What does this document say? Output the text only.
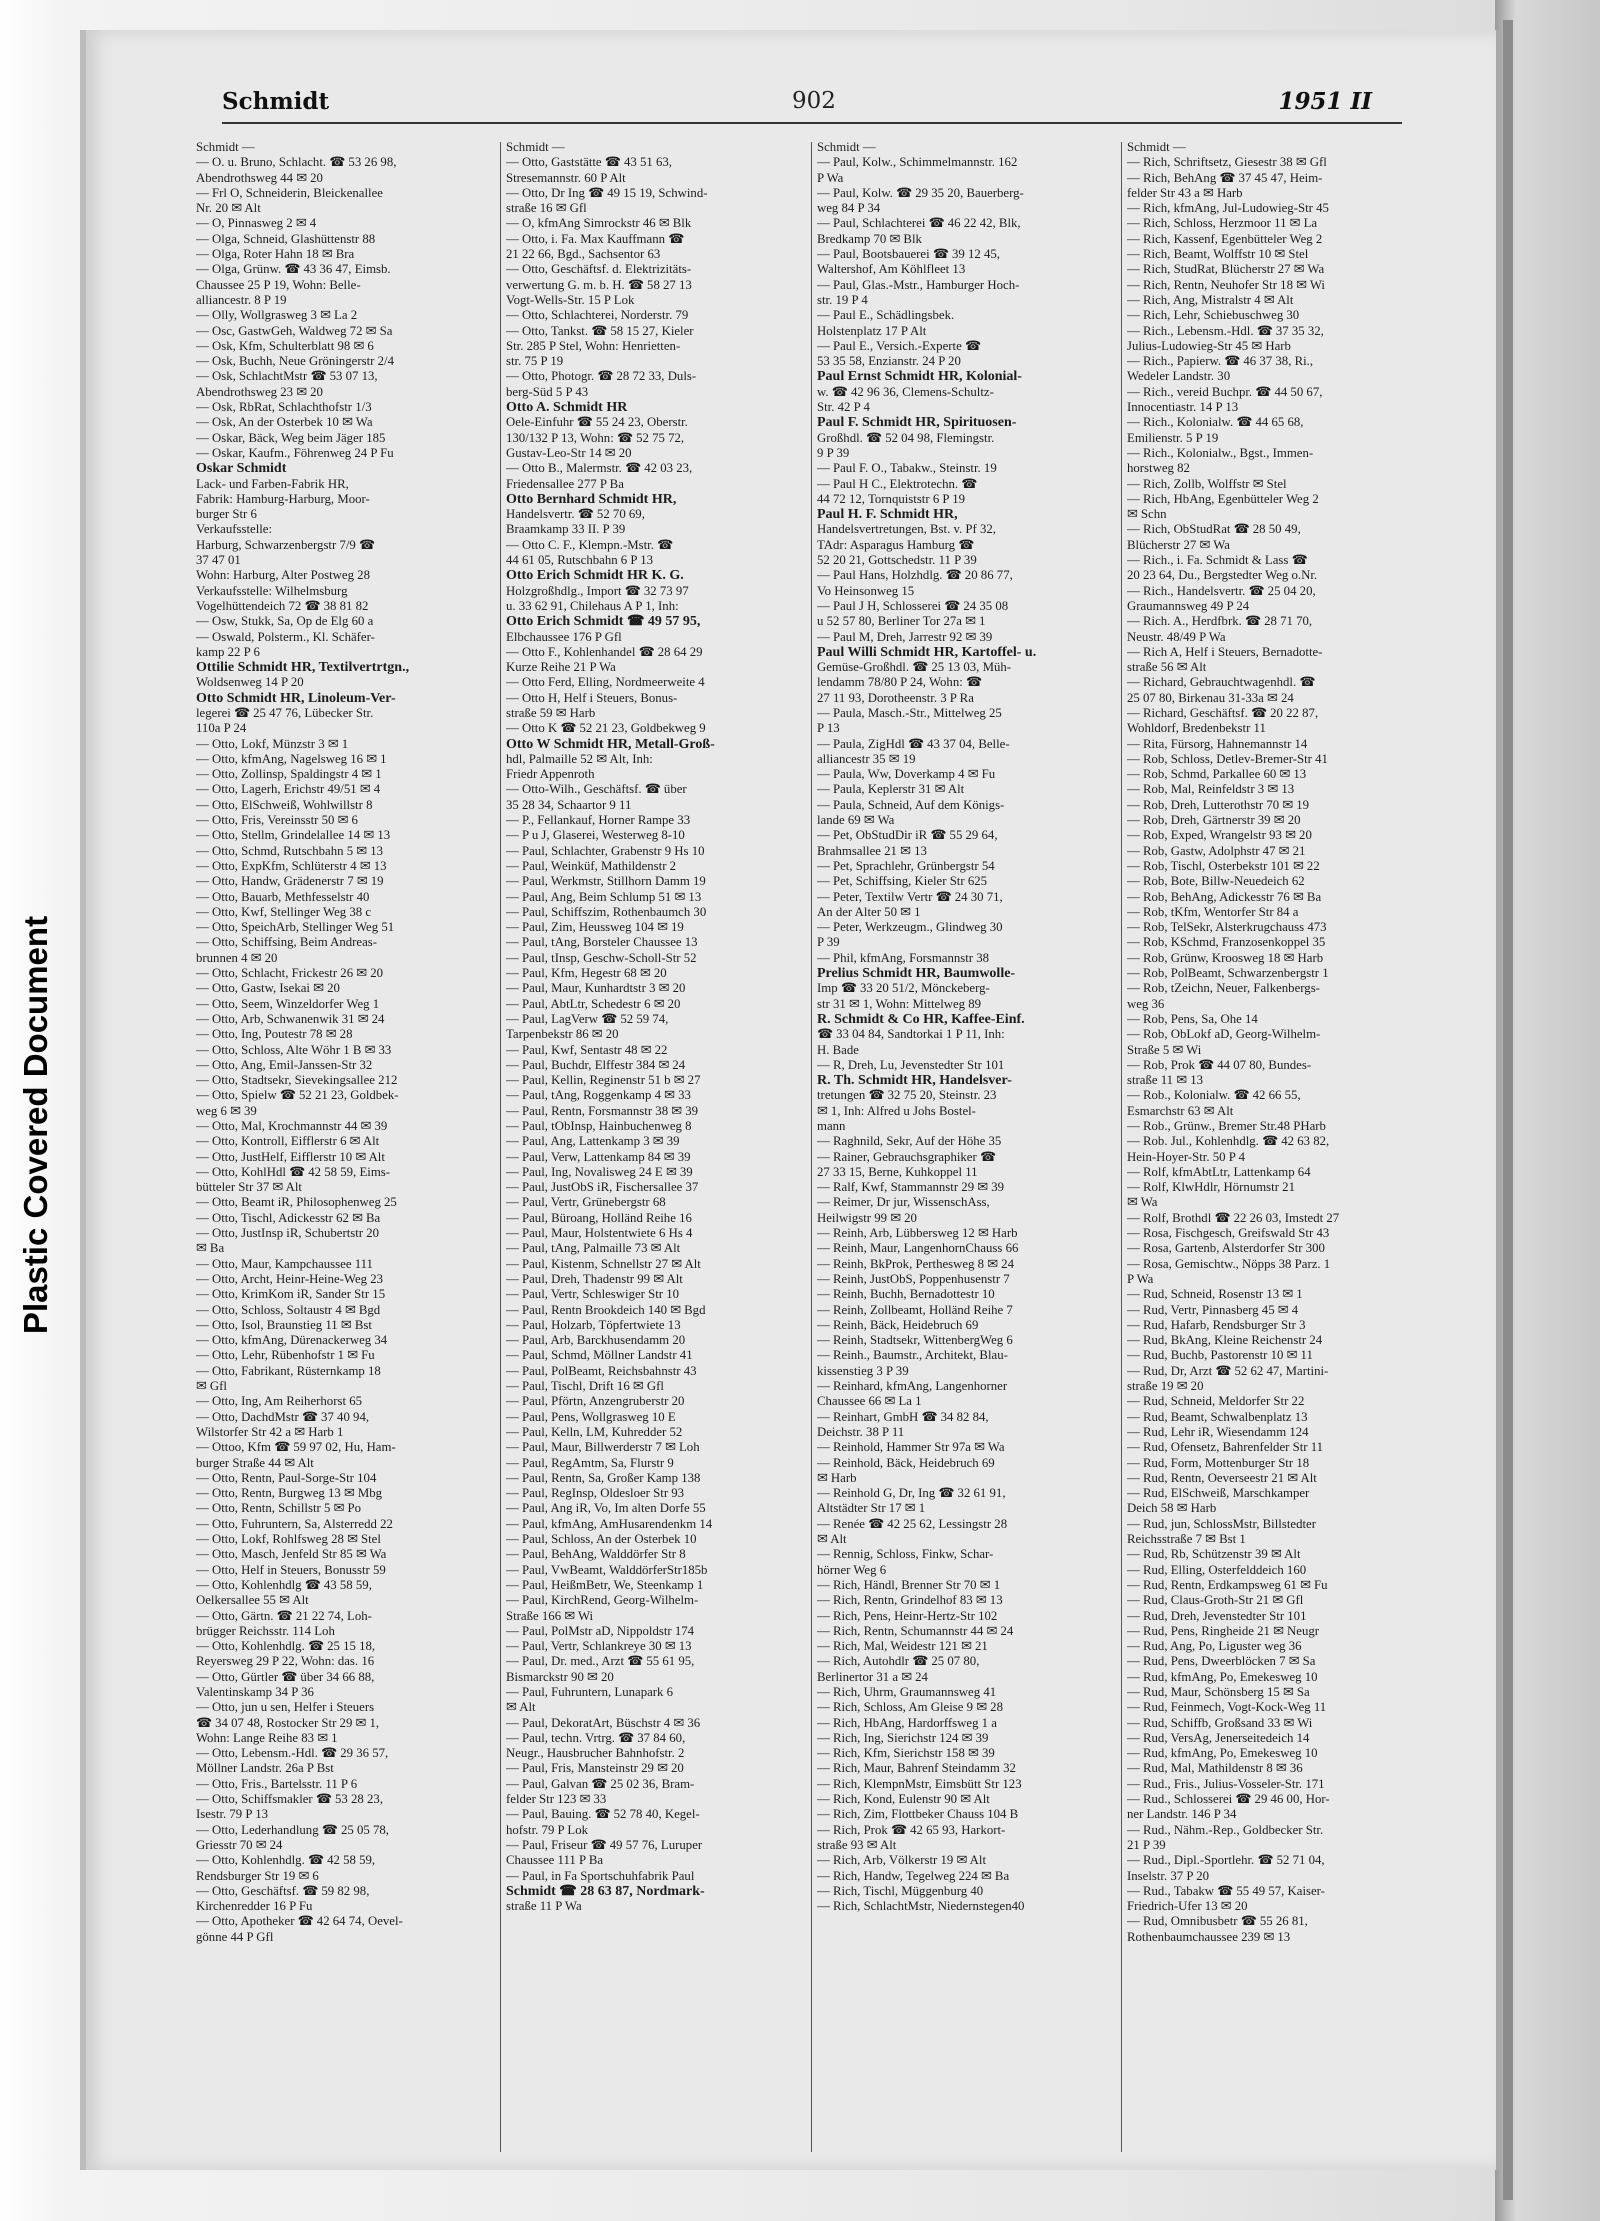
Plastic Covered Document
Schmidt	902	1951 II
Schmidt —
— O. u. Bruno, Schlacht. ☎ 53 26 98,
Abendrothsweg 44 ✉ 20
— Frl O, Schneiderin, Bleickenallee
Nr. 20 ✉ Alt
— O, Pinnasweg 2 ✉ 4
— Olga, Schneid, Glashüttenstr 88
— Olga, Roter Hahn 18 ✉ Bra
— Olga, Grünw. ☎ 43 36 47, Eimsb.
Chaussee 25 P 19, Wohn: Belle-
alliancestr. 8 P 19
— Olly, Wollgrasweg 3 ✉ La 2
— Osc, GastwGeh, Waldweg 72 ✉ Sa
— Osk, Kfm, Schulterblatt 98 ✉ 6
— Osk, Buchh, Neue Gröningerstr 2/4
— Osk, SchlachtMstr ☎ 53 07 13,
Abendrothsweg 23 ✉ 20
— Osk, RbRat, Schlachthofstr 1/3
— Osk, An der Osterbek 10 ✉ Wa
— Oskar, Bäck, Weg beim Jäger 185
— Oskar, Kaufm., Föhrenweg 24 P Fu
Oskar Schmidt
Lack- und Farben-Fabrik HR,
Fabrik: Hamburg-Harburg, Moor-
burger Str 6
Verkaufsstelle:
Harburg, Schwarzenbergstr 7/9 ☎
37 47 01
Wohn: Harburg, Alter Postweg 28
Verkaufsstelle: Wilhelmsburg
Vogelhüttendeich 72 ☎ 38 81 82
— Osw, Stukk, Sa, Op de Elg 60 a
— Oswald, Polsterm., Kl. Schäfer-
kamp 22 P 6
Ottilie Schmidt HR, Textilvertrtgn.,
Woldsenweg 14 P 20
Otto Schmidt HR, Linoleum-Ver-
legerei ☎ 25 47 76, Lübecker Str.
110a P 24
— Otto, Lokf, Münzstr 3 ✉ 1
— Otto, kfmAng, Nagelsweg 16 ✉ 1
— Otto, Zollinsp, Spaldingstr 4 ✉ 1
— Otto, Lagerh, Erichstr 49/51 ✉ 4
— Otto, ElSchweiß, Wohlwillstr 8
— Otto, Fris, Vereinsstr 50 ✉ 6
— Otto, Stellm, Grindelallee 14 ✉ 13
— Otto, Schmd, Rutschbahn 5 ✉ 13
— Otto, ExpKfm, Schlüterstr 4 ✉ 13
— Otto, Handw, Grädenerstr 7 ✉ 19
— Otto, Bauarb, Methfesselstr 40
— Otto, Kwf, Stellinger Weg 38 c
— Otto, SpeichArb, Stellinger Weg 51
— Otto, Schiffsing, Beim Andreas-
brunnen 4 ✉ 20
— Otto, Schlacht, Frickestr 26 ✉ 20
— Otto, Gastw, Isekai ✉ 20
— Otto, Seem, Winzeldorfer Weg 1
— Otto, Arb, Schwanenwik 31 ✉ 24
— Otto, Ing, Poutestr 78 ✉ 28
— Otto, Schloss, Alte Wöhr 1 B ✉ 33
— Otto, Ang, Emil-Janssen-Str 32
— Otto, Stadtsekr, Sievekingsallee 212
— Otto, Spielw ☎ 52 21 23, Goldbek-
weg 6 ✉ 39
— Otto, Mal, Krochmannstr 44 ✉ 39
— Otto, Kontroll, Eifflerstr 6 ✉ Alt
— Otto, JustHelf, Eifflerstr 10 ✉ Alt
— Otto, KohlHdl ☎ 42 58 59, Eims-
bütteler Str 37 ✉ Alt
— Otto, Beamt iR, Philosophenweg 25
— Otto, Tischl, Adickesstr 62 ✉ Ba
— Otto, JustInsp iR, Schubertstr 20
✉ Ba
— Otto, Maur, Kampchaussee 111
— Otto, Archt, Heinr-Heine-Weg 23
— Otto, KrimKom iR, Sander Str 15
— Otto, Schloss, Soltaustr 4 ✉ Bgd
— Otto, Isol, Braunstieg 11 ✉ Bst
— Otto, kfmAng, Dürenackerweg 34
— Otto, Lehr, Rübenhofstr 1 ✉ Fu
— Otto, Fabrikant, Rüsternkamp 18
✉ Gfl
— Otto, Ing, Am Reiherhorst 65
— Otto, DachdMstr ☎ 37 40 94,
Wilstorfer Str 42 a ✉ Harb 1
— Ottoo, Kfm ☎ 59 97 02, Hu, Ham-
burger Straße 44 ✉ Alt
— Otto, Rentn, Paul-Sorge-Str 104
— Otto, Rentn, Burgweg 13 ✉ Mbg
— Otto, Rentn, Schillstr 5 ✉ Po
— Otto, Fuhruntern, Sa, Alsterredd 22
— Otto, Lokf, Rohlfsweg 28 ✉ Stel
— Otto, Masch, Jenfeld Str 85 ✉ Wa
— Otto, Helf in Steuers, Bonusstr 59
— Otto, Kohlenhdlg ☎ 43 58 59,
Oelkersallee 55 ✉ Alt
— Otto, Gärtn. ☎ 21 22 74, Loh-
brügger Reichsstr. 114 Loh
— Otto, Kohlenhdlg. ☎ 25 15 18,
Reyersweg 29 P 22, Wohn: das. 16
— Otto, Gürtler ☎ über 34 66 88,
Valentinskamp 34 P 36
— Otto, jun u sen, Helfer i Steuers
☎ 34 07 48, Rostocker Str 29 ✉ 1,
Wohn: Lange Reihe 83 ✉ 1
— Otto, Lebensm.-Hdl. ☎ 29 36 57,
Möllner Landstr. 26a P Bst
— Otto, Fris., Bartelsstr. 11 P 6
— Otto, Schiffsmakler ☎ 53 28 23,
Isestr. 79 P 13
— Otto, Lederhandlung ☎ 25 05 78,
Griesstr 70 ✉ 24
— Otto, Kohlenhdlg. ☎ 42 58 59,
Rendsburger Str 19 ✉ 6
— Otto, Geschäftsf. ☎ 59 82 98,
Kirchenredder 16 P Fu
— Otto, Apotheker ☎ 42 64 74, Oevel-
gönne 44 P Gfl
Schmidt —
— Otto, Gaststätte ☎ 43 51 63,
Stresemannstr. 60 P Alt
— Otto, Dr Ing ☎ 49 15 19, Schwind-
straße 16 ✉ Gfl
— O, kfmAng Simrockstr 46 ✉ Blk
— Otto, i. Fa. Max Kauffmann ☎
21 22 66, Bgd., Sachsentor 63
— Otto, Geschäftsf. d. Elektrizitäts-
verwertung G. m. b. H. ☎ 58 27 13
Vogt-Wells-Str. 15 P Lok
— Otto, Schlachterei, Norderstr. 79
— Otto, Tankst. ☎ 58 15 27, Kieler
Str. 285 P Stel, Wohn: Henrietten-
str. 75 P 19
— Otto, Photogr. ☎ 28 72 33, Duls-
berg-Süd 5 P 43
Otto A. Schmidt HR
Oele-Einfuhr ☎ 55 24 23, Oberstr.
130/132 P 13, Wohn: ☎ 52 75 72,
Gustav-Leo-Str 14 ✉ 20
— Otto B., Malermstr. ☎ 42 03 23,
Friedensallee 277 P Ba
Otto Bernhard Schmidt HR,
Handelsvertr. ☎ 52 70 69,
Braamkamp 33 II. P 39
— Otto C. F., Klempn.-Mstr. ☎
44 61 05, Rutschbahn 6 P 13
Otto Erich Schmidt HR K. G.
Holzgroßhdlg., Import ☎ 32 73 97
u. 33 62 91, Chilehaus A P 1, Inh:
Otto Erich Schmidt ☎ 49 57 95,
Elbchaussee 176 P Gfl
— Otto F., Kohlenhandel ☎ 28 64 29
Kurze Reihe 21 P Wa
— Otto Ferd, Elling, Nordmeerweite 4
— Otto H, Helf i Steuers, Bonus-
straße 59 ✉ Harb
— Otto K ☎ 52 21 23, Goldbekweg 9
Otto W Schmidt HR, Metall-Groß-
hdl, Palmaille 52 ✉ Alt, Inh:
Friedr Appenroth
— Otto-Wilh., Geschäftsf. ☎ über
35 28 34, Schaartor 9 11
— P., Fellankauf, Horner Rampe 33
— P u J, Glaserei, Westerweg 8-10
— Paul, Schlachter, Grabenstr 9 Hs 10
— Paul, Weinküf, Mathildenstr 2
— Paul, Werkmstr, Stillhorn Damm 19
— Paul, Ang, Beim Schlump 51 ✉ 13
— Paul, Schiffszim, Rothenbaumch 30
— Paul, Zim, Heussweg 104 ✉ 19
— Paul, tAng, Borsteler Chaussee 13
— Paul, tInsp, Geschw-Scholl-Str 52
— Paul, Kfm, Hegestr 68 ✉ 20
— Paul, Maur, Kunhardtstr 3 ✉ 20
— Paul, AbtLtr, Schedestr 6 ✉ 20
— Paul, LagVerw ☎ 52 59 74,
Tarpenbekstr 86 ✉ 20
— Paul, Kwf, Sentastr 48 ✉ 22
— Paul, Buchdr, Elffestr 384 ✉ 24
— Paul, Kellin, Reginenstr 51 b ✉ 27
— Paul, tAng, Roggenkamp 4 ✉ 33
— Paul, Rentn, Forsmannstr 38 ✉ 39
— Paul, tObInsp, Hainbuchenweg 8
— Paul, Ang, Lattenkamp 3 ✉ 39
— Paul, Verw, Lattenkamp 84 ✉ 39
— Paul, Ing, Novalisweg 24 E ✉ 39
— Paul, JustObS iR, Fischersallee 37
— Paul, Vertr, Grünebergstr 68
— Paul, Büroang, Holländ Reihe 16
— Paul, Maur, Holstentwiete 6 Hs 4
— Paul, tAng, Palmaille 73 ✉ Alt
— Paul, Kistenm, Schnellstr 27 ✉ Alt
— Paul, Dreh, Thadenstr 99 ✉ Alt
— Paul, Vertr, Schleswiger Str 10
— Paul, Rentn Brookdeich 140 ✉ Bgd
— Paul, Holzarb, Töpfertwiete 13
— Paul, Arb, Barckhusendamm 20
— Paul, Schmd, Möllner Landstr 41
— Paul, PolBeamt, Reichsbahnstr 43
— Paul, Tischl, Drift 16 ✉ Gfl
— Paul, Pförtn, Anzengruberstr 20
— Paul, Pens, Wollgrasweg 10 E
— Paul, Kelln, LM, Kuhredder 52
— Paul, Maur, Billwerderstr 7 ✉ Loh
— Paul, RegAmtm, Sa, Flurstr 9
— Paul, Rentn, Sa, Großer Kamp 138
— Paul, RegInsp, Oldesloer Str 93
— Paul, Ang iR, Vo, Im alten Dorfe 55
— Paul, kfmAng, AmHusarendenkm 14
— Paul, Schloss, An der Osterbek 10
— Paul, BehAng, Walddörfer Str 8
— Paul, VwBeamt, WalddörferStr185b
— Paul, HeißmBetr, We, Steenkamp 1
— Paul, KirchRend, Georg-Wilhelm-
Straße 166 ✉ Wi
— Paul, PolMstr aD, Nippoldstr 174
— Paul, Vertr, Schlankreye 30 ✉ 13
— Paul, Dr. med., Arzt ☎ 55 61 95,
Bismarckstr 90 ✉ 20
— Paul, Fuhruntern, Lunapark 6
✉ Alt
— Paul, DekoratArt, Büschstr 4 ✉ 36
— Paul, techn. Vrtrg. ☎ 37 84 60,
Neugr., Hausbrucher Bahnhofstr. 2
— Paul, Fris, Mansteinstr 29 ✉ 20
— Paul, Galvan ☎ 25 02 36, Bram-
felder Str 123 ✉ 33
— Paul, Bauing. ☎ 52 78 40, Kegel-
hofstr. 79 P Lok
— Paul, Friseur ☎ 49 57 76, Luruper
Chaussee 111 P Ba
— Paul, in Fa Sportschuhfabrik Paul
Schmidt ☎ 28 63 87, Nordmark-
straße 11 P Wa
Schmidt —
— Paul, Kolw., Schimmelmannstr. 162
P Wa
— Paul, Kolw. ☎ 29 35 20, Bauerberg-
weg 84 P 34
— Paul, Schlachterei ☎ 46 22 42, Blk,
Bredkamp 70 ✉ Blk
— Paul, Bootsbauerei ☎ 39 12 45,
Waltershof, Am Köhlfleet 13
— Paul, Glas.-Mstr., Hamburger Hoch-
str. 19 P 4
— Paul E., Schädlingsbek.
Holstenplatz 17 P Alt
— Paul E., Versich.-Experte ☎
53 35 58, Enzianstr. 24 P 20
Paul Ernst Schmidt HR, Kolonial-
w. ☎ 42 96 36, Clemens-Schultz-
Str. 42 P 4
Paul F. Schmidt HR, Spirituosen-
Großhdl. ☎ 52 04 98, Flemingstr.
9 P 39
— Paul F. O., Tabakw., Steinstr. 19
— Paul H C., Elektrotechn. ☎
44 72 12, Tornquiststr 6 P 19
Paul H. F. Schmidt HR,
Handelsvertretungen, Bst. v. Pf 32,
TAdr: Asparagus Hamburg ☎
52 20 21, Gottschedstr. 11 P 39
— Paul Hans, Holzhdlg. ☎ 20 86 77,
Vo Heinsonweg 15
— Paul J H, Schlosserei ☎ 24 35 08
u 52 57 80, Berliner Tor 27a ✉ 1
— Paul M, Dreh, Jarrestr 92 ✉ 39
Paul Willi Schmidt HR, Kartoffel- u.
Gemüse-Großhdl. ☎ 25 13 03, Müh-
lendamm 78/80 P 24, Wohn: ☎
27 11 93, Dorotheenstr. 3 P Ra
— Paula, Masch.-Str., Mittelweg 25
P 13
— Paula, ZigHdl ☎ 43 37 04, Belle-
alliancestr 35 ✉ 19
— Paula, Ww, Doverkamp 4 ✉ Fu
— Paula, Keplerstr 31 ✉ Alt
— Paula, Schneid, Auf dem Königs-
lande 69 ✉ Wa
— Pet, ObStudDir iR ☎ 55 29 64,
Brahmsallee 21 ✉ 13
— Pet, Sprachlehr, Grünbergstr 54
— Pet, Schiffsing, Kieler Str 625
— Peter, Textilw Vertr ☎ 24 30 71,
An der Alter 50 ✉ 1
— Peter, Werkzeugm., Glindweg 30
P 39
— Phil, kfmAng, Forsmannstr 38
Prelius Schmidt HR, Baumwolle-
Imp ☎ 33 20 51/2, Mönckeberg-
str 31 ✉ 1, Wohn: Mittelweg 89
R. Schmidt & Co HR, Kaffee-Einf.
☎ 33 04 84, Sandtorkai 1 P 11, Inh:
H. Bade
— R, Dreh, Lu, Jevenstedter Str 101
R. Th. Schmidt HR, Handelsver-
tretungen ☎ 32 75 20, Steinstr. 23
✉ 1, Inh: Alfred u Johs Bostel-
mann
— Raghnild, Sekr, Auf der Höhe 35
— Rainer, Gebrauchsgraphiker ☎
27 33 15, Berne, Kuhkoppel 11
— Ralf, Kwf, Stammannstr 29 ✉ 39
— Reimer, Dr jur, WissenschAss,
Heilwigstr 99 ✉ 20
— Reinh, Arb, Lübbersweg 12 ✉ Harb
— Reinh, Maur, LangenhornChauss 66
— Reinh, BkProk, Perthesweg 8 ✉ 24
— Reinh, JustObS, Poppenhusenstr 7
— Reinh, Buchh, Bernadottestr 10
— Reinh, Zollbeamt, Holländ Reihe 7
— Reinh, Bäck, Heidebruch 69
— Reinh, Stadtsekr, WittenbergWeg 6
— Reinh., Baumstr., Architekt, Blau-
kissenstieg 3 P 39
— Reinhard, kfmAng, Langenhorner
Chaussee 66 ✉ La 1
— Reinhart, GmbH ☎ 34 82 84,
Deichstr. 38 P 11
— Reinhold, Hammer Str 97a ✉ Wa
— Reinhold, Bäck, Heidebruch 69
✉ Harb
— Reinhold G, Dr, Ing ☎ 32 61 91,
Altstädter Str 17 ✉ 1
— Renée ☎ 42 25 62, Lessingstr 28
✉ Alt
— Rennig, Schloss, Finkw, Schar-
hörner Weg 6
— Rich, Händl, Brenner Str 70 ✉ 1
— Rich, Rentn, Grindelhof 83 ✉ 13
— Rich, Pens, Heinr-Hertz-Str 102
— Rich, Rentn, Schumannstr 44 ✉ 24
— Rich, Mal, Weidestr 121 ✉ 21
— Rich, Autohdlr ☎ 25 07 80,
Berlinertor 31 a ✉ 24
— Rich, Uhrm, Graumannsweg 41
— Rich, Schloss, Am Gleise 9 ✉ 28
— Rich, HbAng, Hardorffsweg 1 a
— Rich, Ing, Sierichstr 124 ✉ 39
— Rich, Kfm, Sierichstr 158 ✉ 39
— Rich, Maur, Bahrenf Steindamm 32
— Rich, KlempnMstr, Eimsbütt Str 123
— Rich, Kond, Eulenstr 90 ✉ Alt
— Rich, Zim, Flottbeker Chauss 104 B
— Rich, Prok ☎ 42 65 93, Harkort-
straße 93 ✉ Alt
— Rich, Arb, Völkerstr 19 ✉ Alt
— Rich, Handw, Tegelweg 224 ✉ Ba
— Rich, Tischl, Müggenburg 40
— Rich, SchlachtMstr, Niedernstegen40
Schmidt —
— Rich, Schriftsetz, Giesestr 38 ✉ Gfl
— Rich, BehAng ☎ 37 45 47, Heim-
felder Str 43 a ✉ Harb
— Rich, kfmAng, Jul-Ludowieg-Str 45
— Rich, Schloss, Herzmoor 11 ✉ La
— Rich, Kassenf, Egenbütteler Weg 2
— Rich, Beamt, Wolffstr 10 ✉ Stel
— Rich, StudRat, Blücherstr 27 ✉ Wa
— Rich, Rentn, Neuhofer Str 18 ✉ Wi
— Rich, Ang, Mistralstr 4 ✉ Alt
— Rich, Lehr, Schiebuschweg 30
— Rich., Lebensm.-Hdl. ☎ 37 35 32,
Julius-Ludowieg-Str 45 ✉ Harb
— Rich., Papierw. ☎ 46 37 38, Ri.,
Wedeler Landstr. 30
— Rich., vereid Buchpr. ☎ 44 50 67,
Innocentiastr. 14 P 13
— Rich., Kolonialw. ☎ 44 65 68,
Emilienstr. 5 P 19
— Rich., Kolonialw., Bgst., Immen-
horstweg 82
— Rich, Zollb, Wolffstr ✉ Stel
— Rich, HbAng, Egenbütteler Weg 2
✉ Schn
— Rich, ObStudRat ☎ 28 50 49,
Blücherstr 27 ✉ Wa
— Rich., i. Fa. Schmidt & Lass ☎
20 23 64, Du., Bergstedter Weg o.Nr.
— Rich., Handelsvertr. ☎ 25 04 20,
Graumannsweg 49 P 24
— Rich. A., Herdfbrk. ☎ 28 71 70,
Neustr. 48/49 P Wa
— Rich A, Helf i Steuers, Bernadotte-
straße 56 ✉ Alt
— Richard, Gebrauchtwagenhdl. ☎
25 07 80, Birkenau 31-33a ✉ 24
— Richard, Geschäftsf. ☎ 20 22 87,
Wohldorf, Bredenbekstr 11
— Rita, Fürsorg, Hahnemannstr 14
— Rob, Schloss, Detlev-Bremer-Str 41
— Rob, Schmd, Parkallee 60 ✉ 13
— Rob, Mal, Reinfeldstr 3 ✉ 13
— Rob, Dreh, Lutterothstr 70 ✉ 19
— Rob, Dreh, Gärtnerstr 39 ✉ 20
— Rob, Exped, Wrangelstr 93 ✉ 20
— Rob, Gastw, Adolphstr 47 ✉ 21
— Rob, Tischl, Osterbekstr 101 ✉ 22
— Rob, Bote, Billw-Neuedeich 62
— Rob, BehAng, Adickesstr 76 ✉ Ba
— Rob, tKfm, Wentorfer Str 84 a
— Rob, TelSekr, Alsterkrugchauss 473
— Rob, KSchmd, Franzosenkoppel 35
— Rob, Grünw, Kroosweg 18 ✉ Harb
— Rob, PolBeamt, Schwarzenbergstr 1
— Rob, tZeichn, Neuer, Falkenbergs-
weg 36
— Rob, Pens, Sa, Ohe 14
— Rob, ObLokf aD, Georg-Wilhelm-
Straße 5 ✉ Wi
— Rob, Prok ☎ 44 07 80, Bundes-
straße 11 ✉ 13
— Rob., Kolonialw. ☎ 42 66 55,
Esmarchstr 63 ✉ Alt
— Rob., Grünw., Bremer Str.48 PHarb
— Rob. Jul., Kohlenhdlg. ☎ 42 63 82,
Hein-Hoyer-Str. 50 P 4
— Rolf, kfmAbtLtr, Lattenkamp 64
— Rolf, KlwHdlr, Hörnumstr 21
✉ Wa
— Rolf, Brothdl ☎ 22 26 03, Imstedt 27
— Rosa, Fischgesch, Greifswald Str 43
— Rosa, Gartenb, Alsterdorfer Str 300
— Rosa, Gemischtw., Nöpps 38 Parz. 1
P Wa
— Rud, Schneid, Rosenstr 13 ✉ 1
— Rud, Vertr, Pinnasberg 45 ✉ 4
— Rud, Hafarb, Rendsburger Str 3
— Rud, BkAng, Kleine Reichenstr 24
— Rud, Buchb, Pastorenstr 10 ✉ 11
— Rud, Dr, Arzt ☎ 52 62 47, Martini-
straße 19 ✉ 20
— Rud, Schneid, Meldorfer Str 22
— Rud, Beamt, Schwalbenplatz 13
— Rud, Lehr iR, Wiesendamm 124
— Rud, Ofensetz, Bahrenfelder Str 11
— Rud, Form, Mottenburger Str 18
— Rud, Rentn, Oeverseestr 21 ✉ Alt
— Rud, ElSchweiß, Marschkamper
Deich 58 ✉ Harb
— Rud, jun, SchlossMstr, Billstedter
Reichsstraße 7 ✉ Bst 1
— Rud, Rb, Schützenstr 39 ✉ Alt
— Rud, Elling, Osterfelddeich 160
— Rud, Rentn, Erdkampsweg 61 ✉ Fu
— Rud, Claus-Groth-Str 21 ✉ Gfl
— Rud, Dreh, Jevenstedter Str 101
— Rud, Pens, Ringheide 21 ✉ Neugr
— Rud, Ang, Po, Liguster weg 36
— Rud, Pens, Dweerblöcken 7 ✉ Sa
— Rud, kfmAng, Po, Emekesweg 10
— Rud, Maur, Schönsberg 15 ✉ Sa
— Rud, Feinmech, Vogt-Kock-Weg 11
— Rud, Schiffb, Großsand 33 ✉ Wi
— Rud, VersAg, Jenerseitedeich 14
— Rud, kfmAng, Po, Emekesweg 10
— Rud, Mal, Mathildenstr 8 ✉ 36
— Rud., Fris., Julius-Vosseler-Str. 171
— Rud., Schlosserei ☎ 29 46 00, Hor-
ner Landstr. 146 P 34
— Rud., Nähm.-Rep., Goldbecker Str.
21 P 39
— Rud., Dipl.-Sportlehr. ☎ 52 71 04,
Inselstr. 37 P 20
— Rud., Tabakw ☎ 55 49 57, Kaiser-
Friedrich-Ufer 13 ✉ 20
— Rud, Omnibusbetr ☎ 55 26 81,
Rothenbaumchaussee 239 ✉ 13
